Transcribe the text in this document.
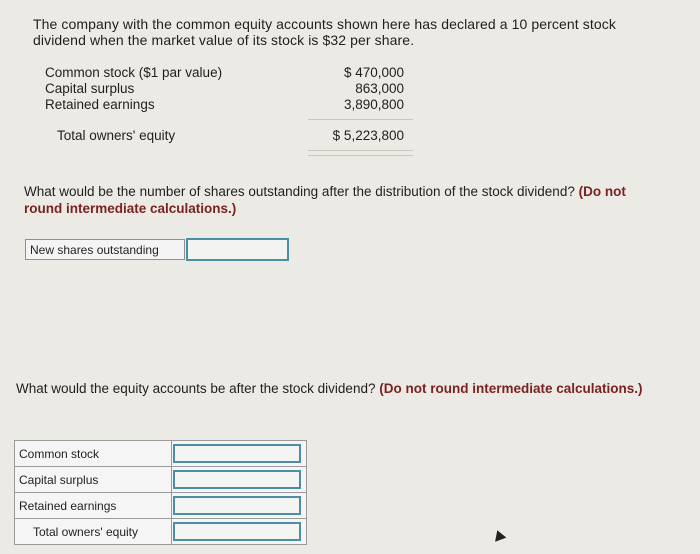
The company with the common equity accounts shown here has declared a 10 percent stock dividend when the market value of its stock is $32 per share.
Common stock ($1 par value)	$ 470,000
Capital surplus	863,000
Retained earnings	3,890,800
Total owners' equity	$ 5,223,800
What would be the number of shares outstanding after the distribution of the stock dividend? (Do not round intermediate calculations.)
New shares outstanding
What would the equity accounts be after the stock dividend? (Do not round intermediate calculations.)
Common stock	
Capital surplus	
Retained earnings	
Total owners' equity	
